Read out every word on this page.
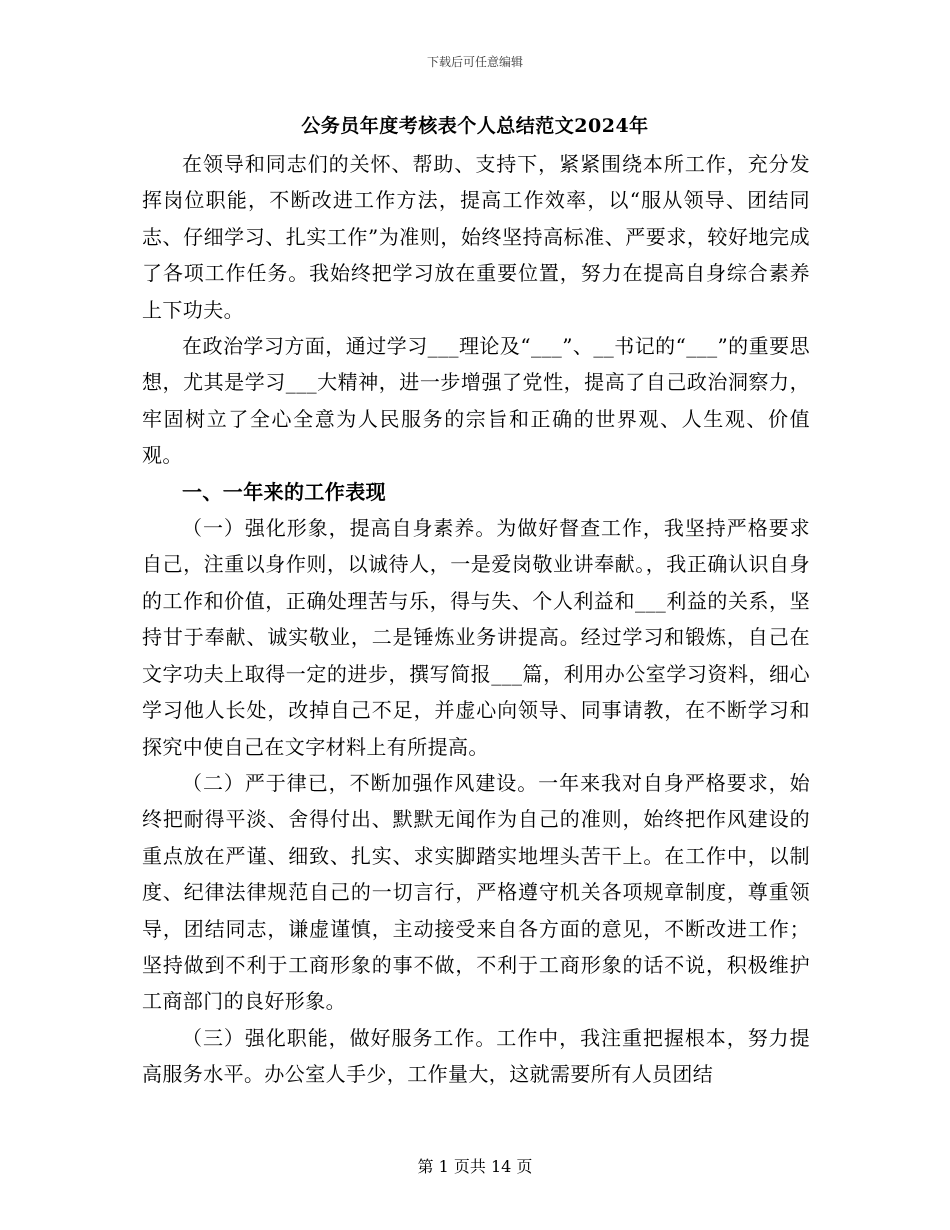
下载后可任意编辑
公务员年度考核表个人总结范文2024年

在领导和同志们的关怀、帮助、支持下，紧紧围绕本所工作，充分发挥岗位职能，不断改进工作方法，提高工作效率，以“服从领导、团结同志、仔细学习、扎实工作”为准则，始终坚持高标准、严要求，较好地完成了各项工作任务。我始终把学习放在重要位置，努力在提高自身综合素养上下功夫。

在政治学习方面，通过学习___理论及“___”、__书记的“___”的重要思想，尤其是学习___大精神，进一步增强了党性，提高了自己政治洞察力，牢固树立了全心全意为人民服务的宗旨和正确的世界观、人生观、价值观。

一、一年来的工作表现

（一）强化形象，提高自身素养。为做好督查工作，我坚持严格要求自己，注重以身作则，以诚待人，一是爱岗敬业讲奉献。，我正确认识自身的工作和价值，正确处理苦与乐，得与失、个人利益和___利益的关系，坚持甘于奉献、诚实敬业，二是锤炼业务讲提高。经过学习和锻炼，自己在文字功夫上取得一定的进步，撰写简报___篇，利用办公室学习资料，细心学习他人长处，改掉自己不足，并虚心向领导、同事请教，在不断学习和探究中使自己在文字材料上有所提高。

（二）严于律已，不断加强作风建设。一年来我对自身严格要求，始终把耐得平淡、舍得付出、默默无闻作为自己的准则，始终把作风建设的重点放在严谨、细致、扎实、求实脚踏实地埋头苦干上。在工作中，以制度、纪律法律规范自己的一切言行，严格遵守机关各项规章制度，尊重领导，团结同志，谦虚谨慎，主动接受来自各方面的意见，不断改进工作；坚持做到不利于工商形象的事不做，不利于工商形象的话不说，积极维护工商部门的良好形象。

（三）强化职能，做好服务工作。工作中，我注重把握根本，努力提高服务水平。办公室人手少，工作量大，这就需要所有人员团结

第 1 页共 14 页
